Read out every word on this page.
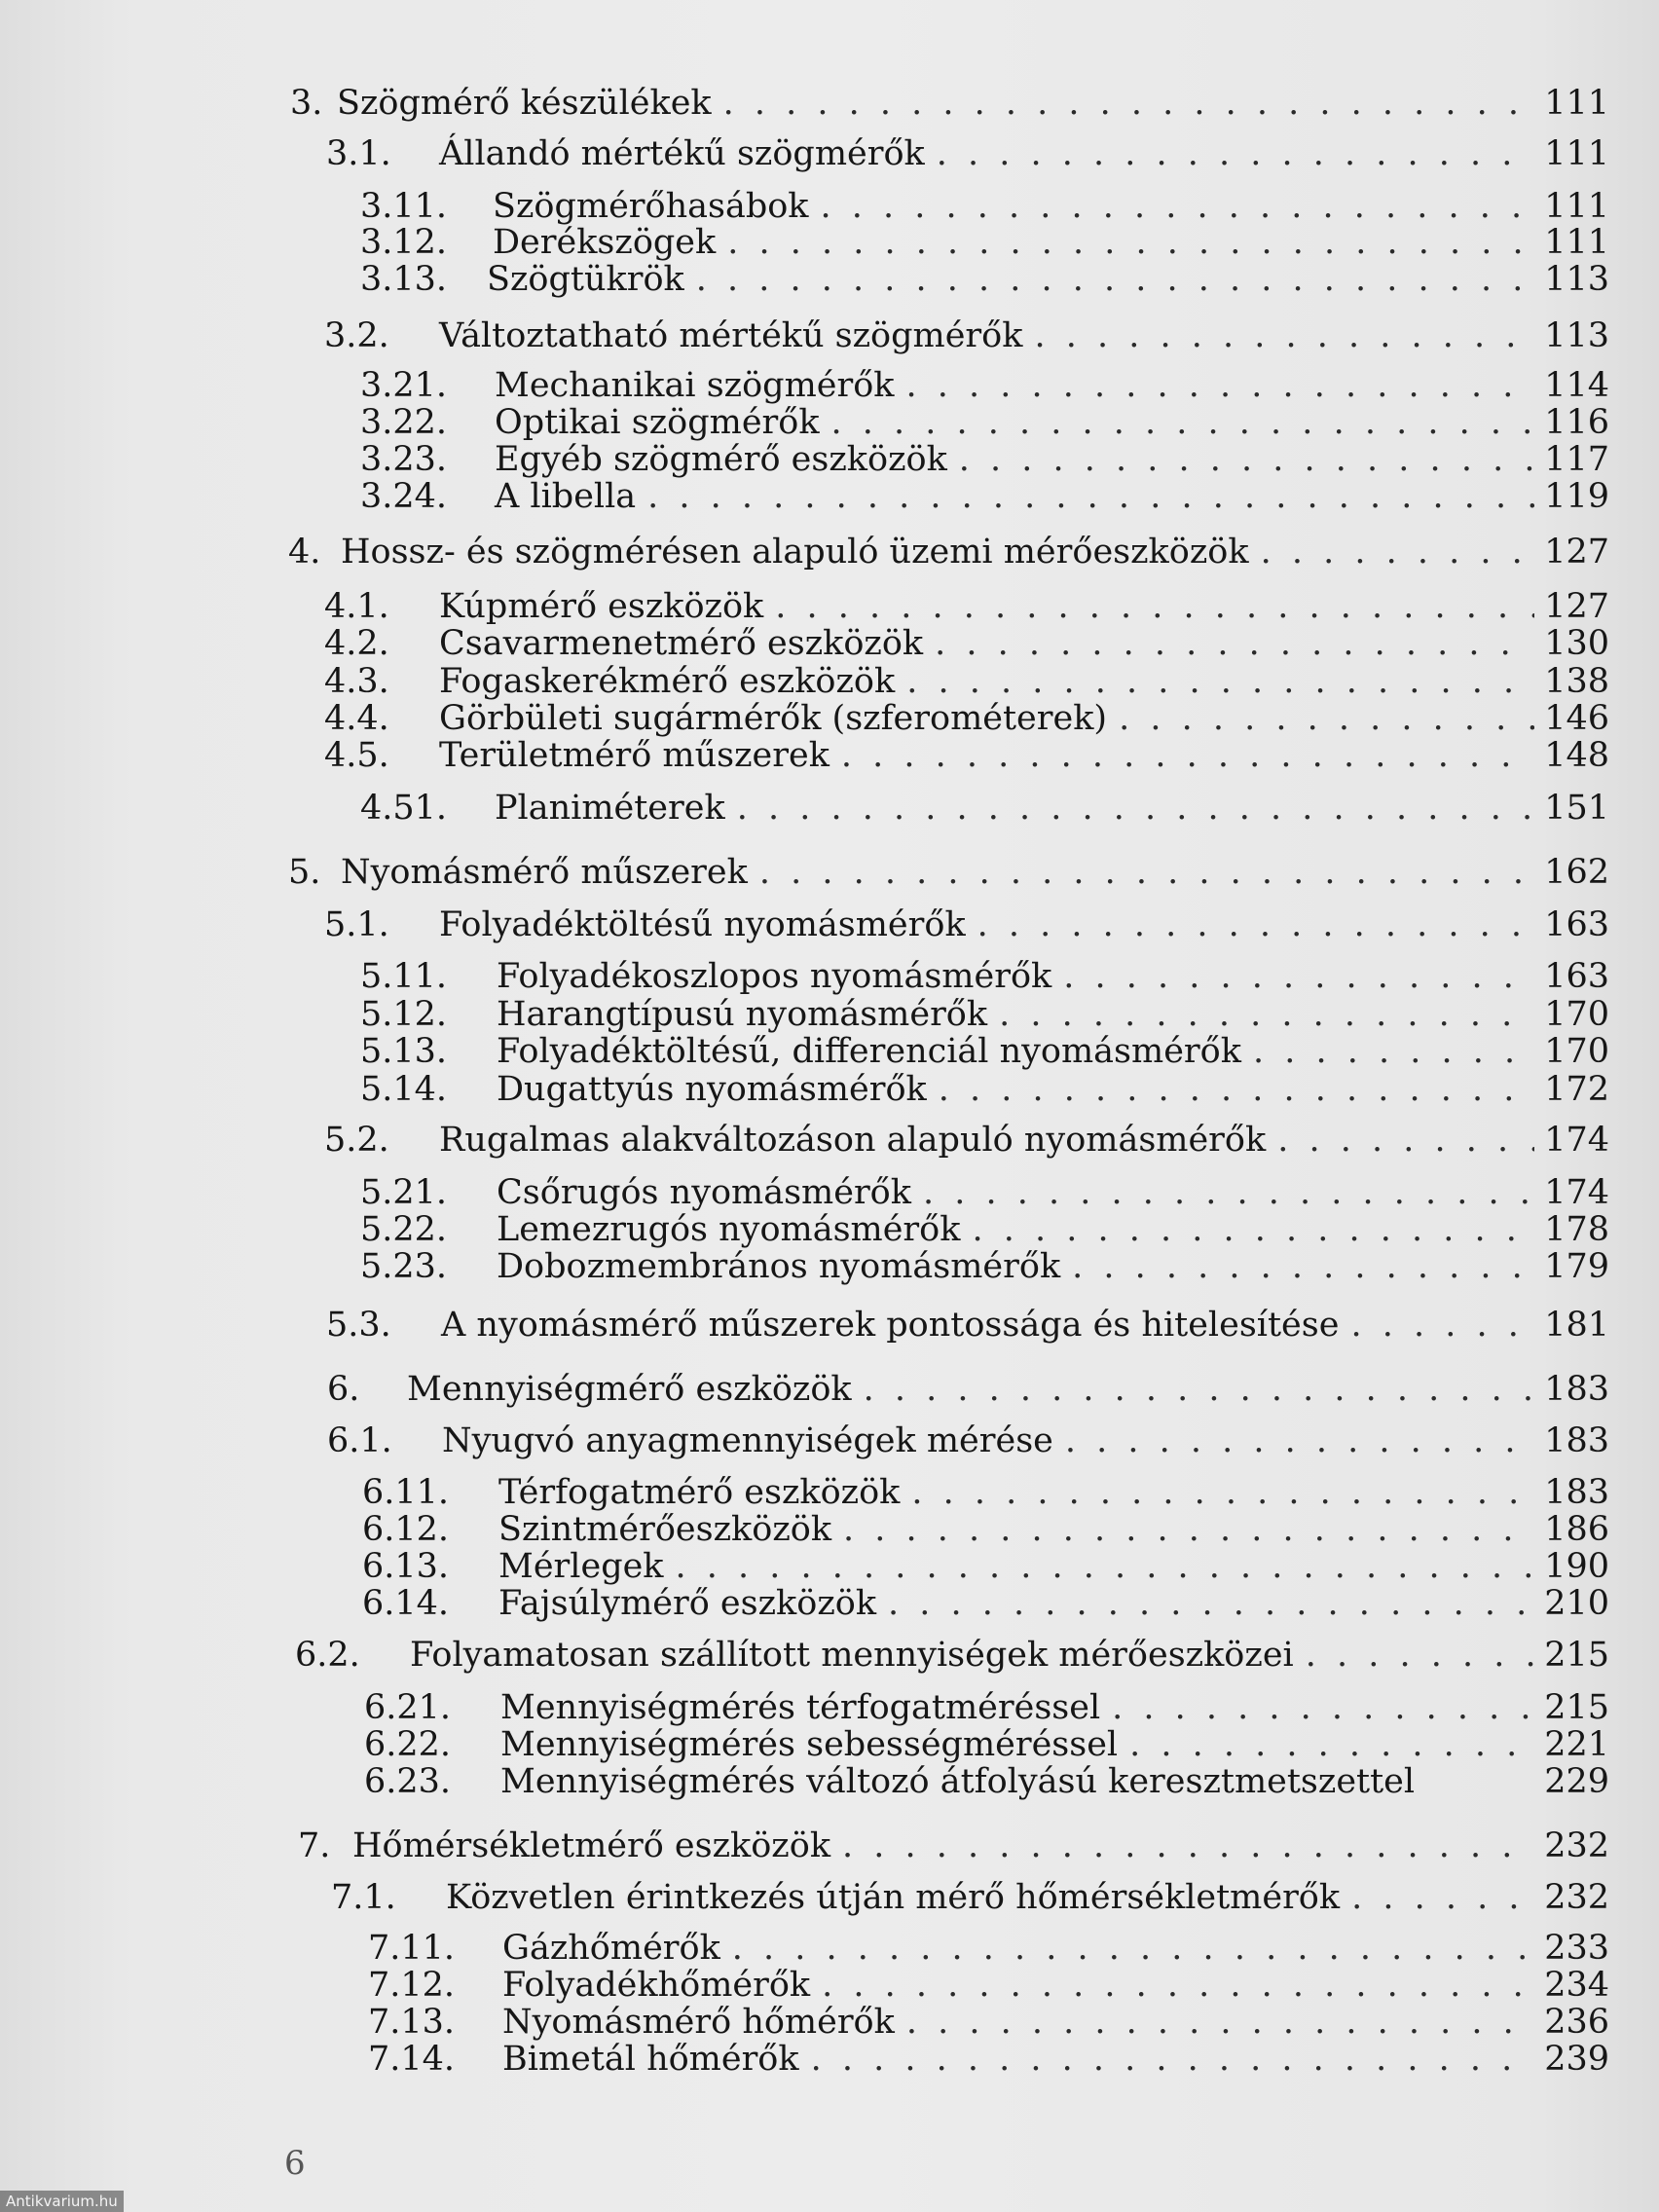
3. Szögmérő készülékek . . .	111
3.1.	Állandó mértékű szögmérők . . .	111
3.11.	Szögmérőhasábok . . .	111
3.12.	Derékszögek . . .	111
3.13.	Szögtükrök . . .	113
3.2.	Változtatható mértékű szögmérők . . .	113
3.21.	Mechanikai szögmérők . . .	114
3.22.	Optikai szögmérők . . .	116
3.23.	Egyéb szögmérő eszközök . . .	117
3.24.	A libella . . .	119
4. Hossz- és szögmérésen alapuló üzemi mérőeszközök . . .	127
4.1.	Kúpmérő eszközök . . .	127
4.2.	Csavarmenetmérő eszközök . . .	130
4.3.	Fogaskerékmérő eszközök . . .	138
4.4.	Görbületi sugármérők (szferométerek) . . .	146
4.5.	Területmérő műszerek . . .	148
4.51.	Planiméterek . . .	151
5. Nyomásmérő műszerek . . .	162
5.1.	Folyadéktöltésű nyomásmérők . . .	163
5.11.	Folyadékoszlopos nyomásmérők . . .	163
5.12.	Harangtípusú nyomásmérők . . .	170
5.13.	Folyadéktöltésű, differenciál nyomásmérők . . .	170
5.14.	Dugattyús nyomásmérők . . .	172
5.2.	Rugalmas alakváltozáson alapuló nyomásmérők . . .	174
5.21.	Csőrugós nyomásmérők . . .	174
5.22.	Lemezrugós nyomásmérők . . .	178
5.23.	Dobozmembrános nyomásmérők . . .	179
5.3.	A nyomásmérő műszerek pontossága és hitelesítése . . .	181
6.	Mennyiségmérő eszközök . . .	183
6.1.	Nyugvó anyagmennyiségek mérése . . .	183
6.11.	Térfogatmérő eszközök . . .	183
6.12.	Szintmérőeszközök . . .	186
6.13.	Mérlegek . . .	190
6.14.	Fajsúlymérő eszközök . . .	210
6.2.	Folyamatosan szállított mennyiségek mérőeszközei . . .	215
6.21.	Mennyiségmérés térfogatméréssel . . .	215
6.22.	Mennyiségmérés sebességméréssel . . .	221
6.23.	Mennyiségmérés változó átfolyású keresztmetszettel	229
7. Hőmérsékletmérő eszközök . . .	232
7.1.	Közvetlen érintkezés útján mérő hőmérsékletmérők . . .	232
7.11.	Gázhőmérők . . .	233
7.12.	Folyadékhőmérők . . .	234
7.13.	Nyomásmérő hőmérők . . .	236
7.14.	Bimetál hőmérők . . .	239
6
Antikvarium.hu
